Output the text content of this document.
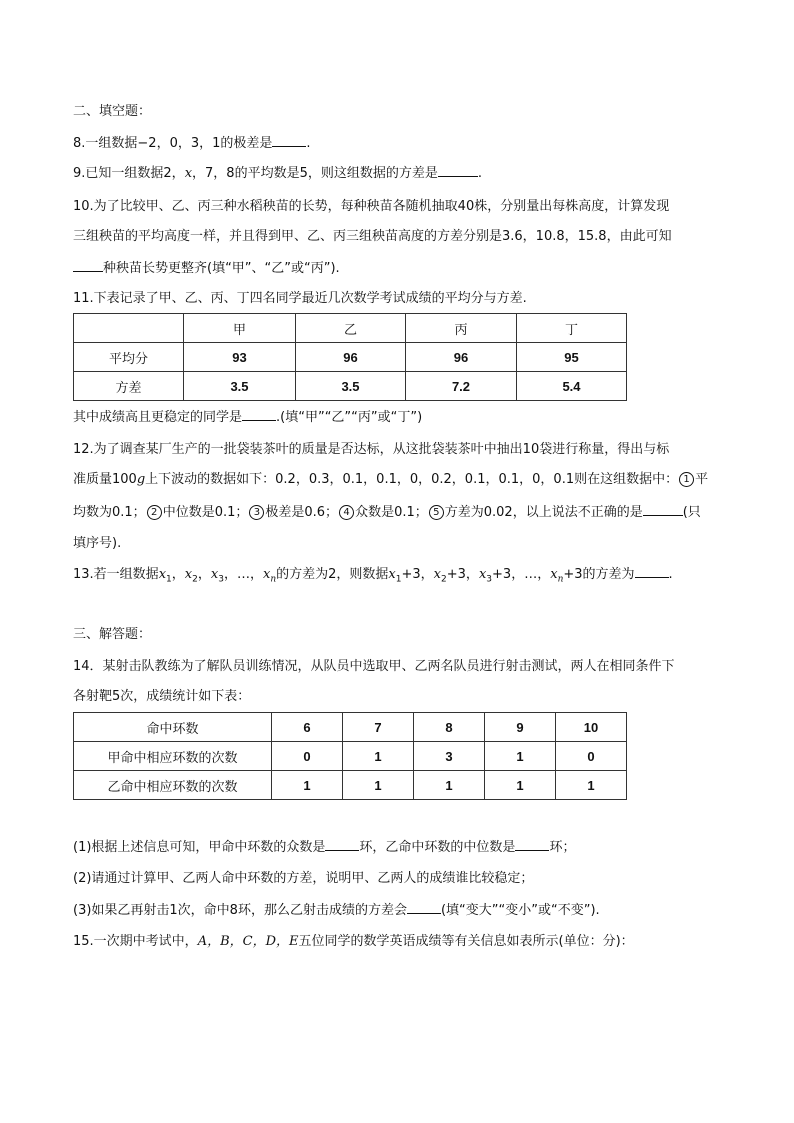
二、填空题：
8.一组数据−2，0，3，1的极差是	.
9.已知一组数据2，x，7，8的平均数是5，则这组数据的方差是	.
10.为了比较甲、乙、丙三种水稻秧苗的长势，每种秧苗各随机抽取40株，分别量出每株高度，计算发现
三组秧苗的平均高度一样，并且得到甲、乙、丙三组秧苗高度的方差分别是3.6，10.8，15.8，由此可知
种秧苗长势更整齐(填“甲”、“乙”或“丙”).
11.下表记录了甲、乙、丙、丁四名同学最近几次数学考试成绩的平均分与方差.
	甲	乙	丙	丁
平均分	93	96	96	95
方差	3.5	3.5	7.2	5.4
其中成绩高且更稳定的同学是	.(填“甲”“乙”“丙”或“丁”)
12.为了调查某厂生产的一批袋装茶叶的质量是否达标，从这批袋装茶叶中抽出10袋进行称量，得出与标
准质量100g上下波动的数据如下：0.2，0.3，0.1，0.1，0，0.2，0.1，0.1，0，0.1则在这组数据中： 1 平
均数为0.1； 2 中位数是0.1； 3 极差是0.6； 4 众数是0.1； 5 方差为0.02，以上说法不正确的是	(只
填序号).
13.若一组数据$x_1$，$x_2$，$x_3$，…，$x_n$的方差为2，则数据$x_1+3$，$x_2+3$，$x_3+3$，…，$x_n+3$的方差为	.
三、解答题：
14．某射击队教练为了解队员训练情况，从队员中选取甲、乙两名队员进行射击测试，两人在相同条件下
各射靶5次，成绩统计如下表：
命中环数	6	7	8	9	10
甲命中相应环数的次数	0	1	3	1	0
乙命中相应环数的次数	1	1	1	1	1
(1)根据上述信息可知，甲命中环数的众数是	环，乙命中环数的中位数是	环；
(2)请通过计算甲、乙两人命中环数的方差，说明甲、乙两人的成绩谁比较稳定；
(3)如果乙再射击1次，命中8环，那么乙射击成绩的方差会	(填“变大”“变小”或“不变”).
15.一次期中考试中，A，B，C，D，E五位同学的数学英语成绩等有关信息如表所示(单位：分)：
